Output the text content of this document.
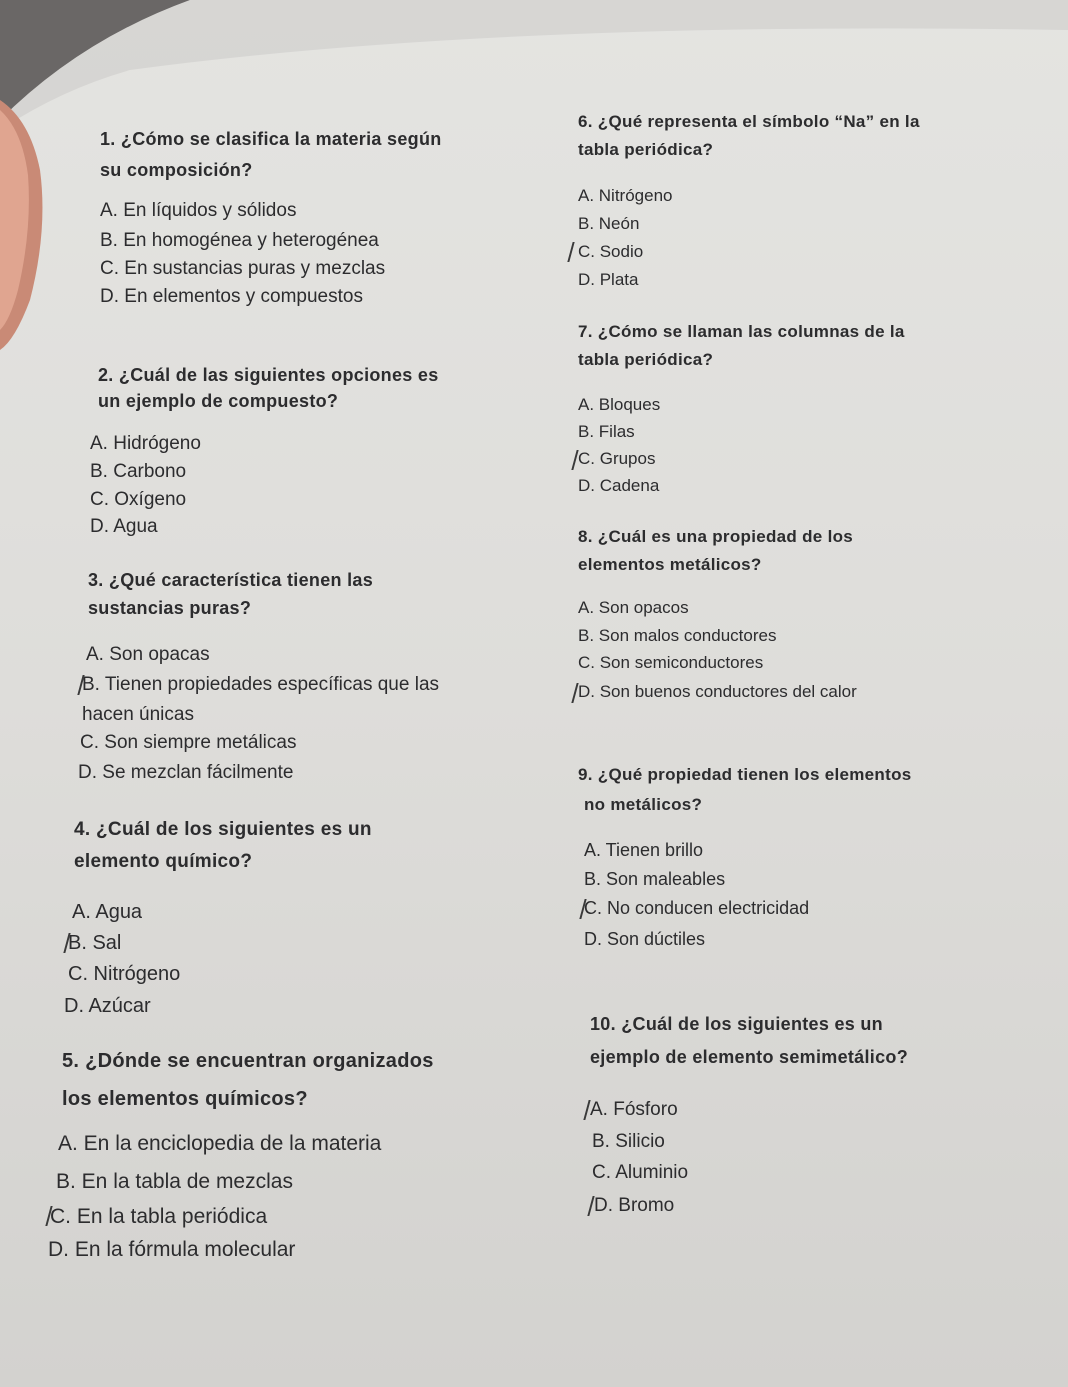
1. ¿Cómo se clasifica la materia según
su composición?
A. En líquidos y sólidos
B. En homogénea y heterogénea
C. En sustancias puras y mezclas
D. En elementos y compuestos
2. ¿Cuál de las siguientes opciones es
un ejemplo de compuesto?
A. Hidrógeno
B. Carbono
C. Oxígeno
D. Agua
3. ¿Qué característica tienen las
sustancias puras?
A. Son opacas
B. Tienen propiedades específicas que las
hacen únicas
C. Son siempre metálicas
D. Se mezclan fácilmente
4. ¿Cuál de los siguientes es un
elemento químico?
A. Agua
B. Sal
C. Nitrógeno
D. Azúcar
5. ¿Dónde se encuentran organizados
los elementos químicos?
A. En la enciclopedia de la materia
B. En la tabla de mezclas
C. En la tabla periódica
D. En la fórmula molecular
6. ¿Qué representa el símbolo “Na” en la
tabla periódica?
A. Nitrógeno
B. Neón
C. Sodio
D. Plata
7. ¿Cómo se llaman las columnas de la
tabla periódica?
A. Bloques
B. Filas
C. Grupos
D. Cadena
8. ¿Cuál es una propiedad de los
elementos metálicos?
A. Son opacos
B. Son malos conductores
C. Son semiconductores
D. Son buenos conductores del calor
9. ¿Qué propiedad tienen los elementos
no metálicos?
A. Tienen brillo
B. Son maleables
C. No conducen electricidad
D. Son dúctiles
10. ¿Cuál de los siguientes es un
ejemplo de elemento semimetálico?
A. Fósforo
B. Silicio
C. Aluminio
D. Bromo
